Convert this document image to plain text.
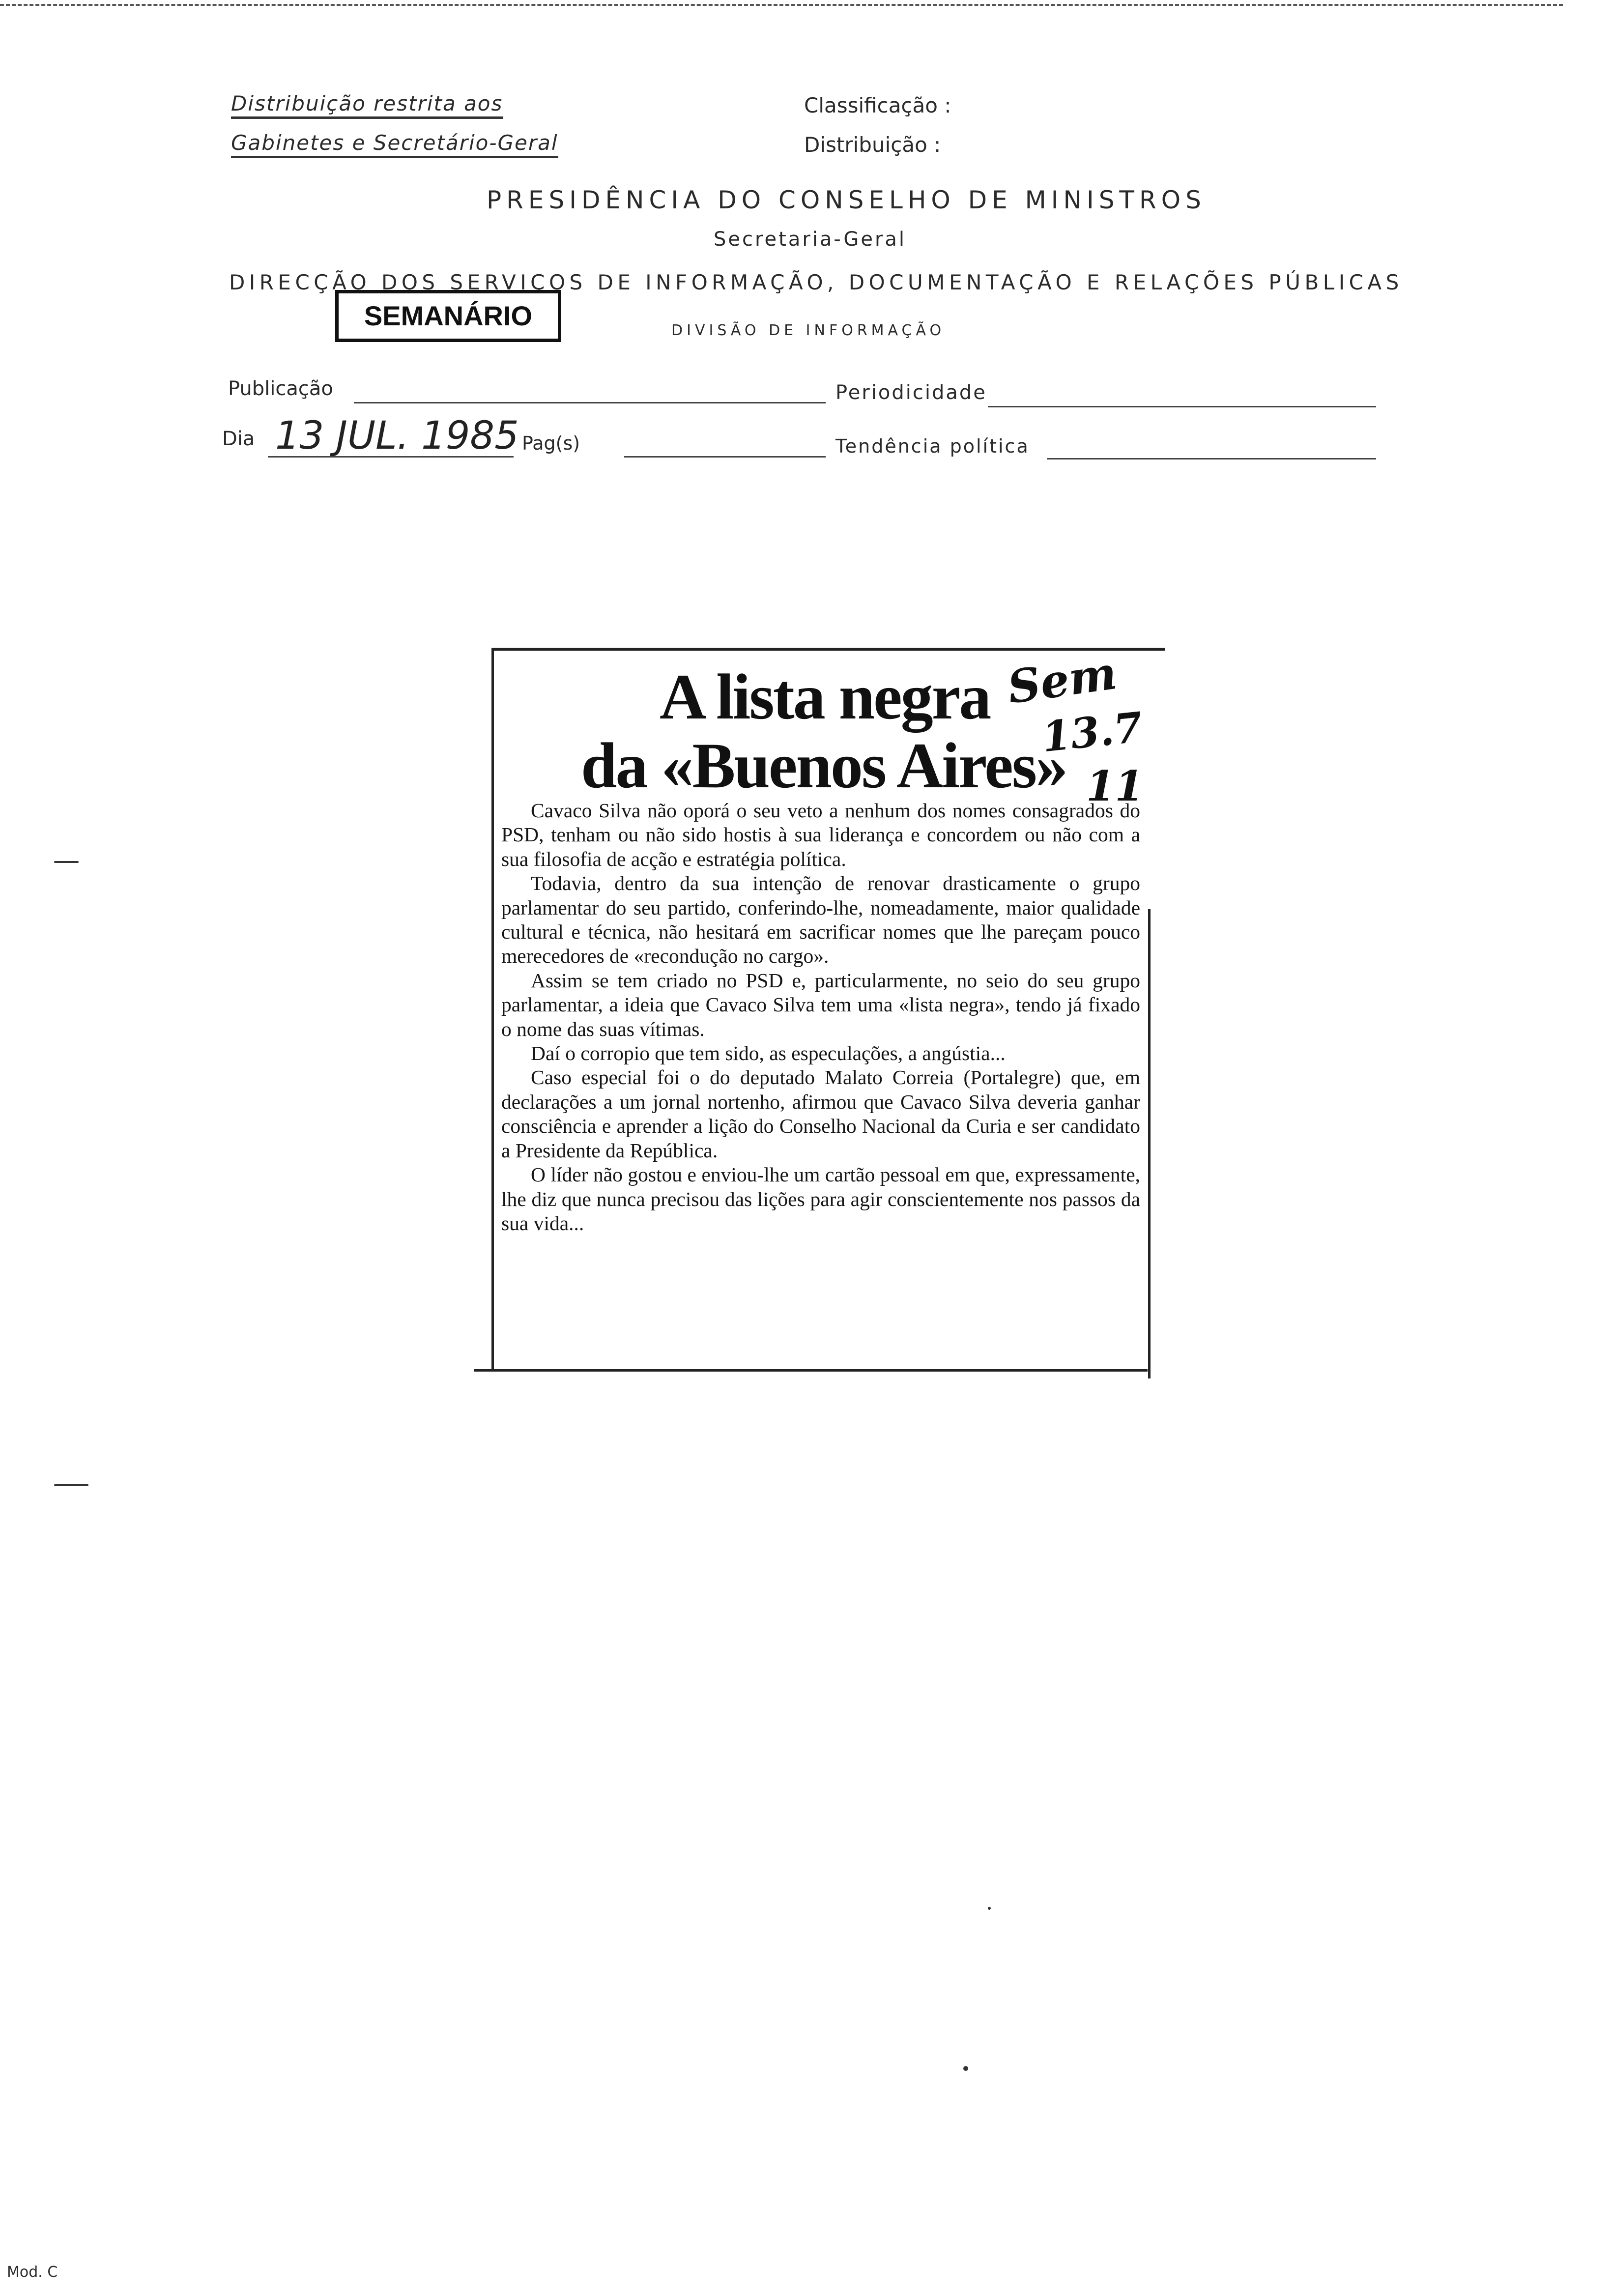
Distribuição restrita aos
Gabinetes e Secretário-Geral
Classificação :
Distribuição :
PRESIDÊNCIA DO CONSELHO DE MINISTROS
Secretaria-Geral
DIRECÇÃO DOS SERVIÇOS DE INFORMAÇÃO, DOCUMENTAÇÃO E RELAÇÕES PÚBLICAS
SEMANÁRIO	DIVISÃO DE INFORMAÇÃO
Publicação	Periodicidade
Dia 13 JUL. 1985 Pag(s)	Tendência política
A lista negra
da «Buenos Aires»
Sem
13.7
11

Cavaco Silva não oporá o seu veto a nenhum dos nomes consagrados do PSD, tenham ou não sido hostis à sua liderança e concordem ou não com a sua filosofia de acção e estratégia política.

Todavia, dentro da sua intenção de renovar drasticamente o grupo parlamentar do seu partido, conferindo-lhe, nomeadamente, maior qualidade cultural e técnica, não hesitará em sacrificar nomes que lhe pareçam pouco merecedores de «recondução no cargo».

Assim se tem criado no PSD e, particularmente, no seio do seu grupo parlamentar, a ideia que Cavaco Silva tem uma «lista negra», tendo já fixado o nome das suas vítimas.

Daí o corropio que tem sido, as especulações, a angústia...

Caso especial foi o do deputado Malato Correia (Portalegre) que, em declarações a um jornal nortenho, afirmou que Cavaco Silva deveria ganhar consciência e aprender a lição do Conselho Nacional da Curia e ser candidato a Presidente da República.

O líder não gostou e enviou-lhe um cartão pessoal em que, expressamente, lhe diz que nunca precisou das lições para agir conscientemente nos passos da sua vida...

Mod. C
